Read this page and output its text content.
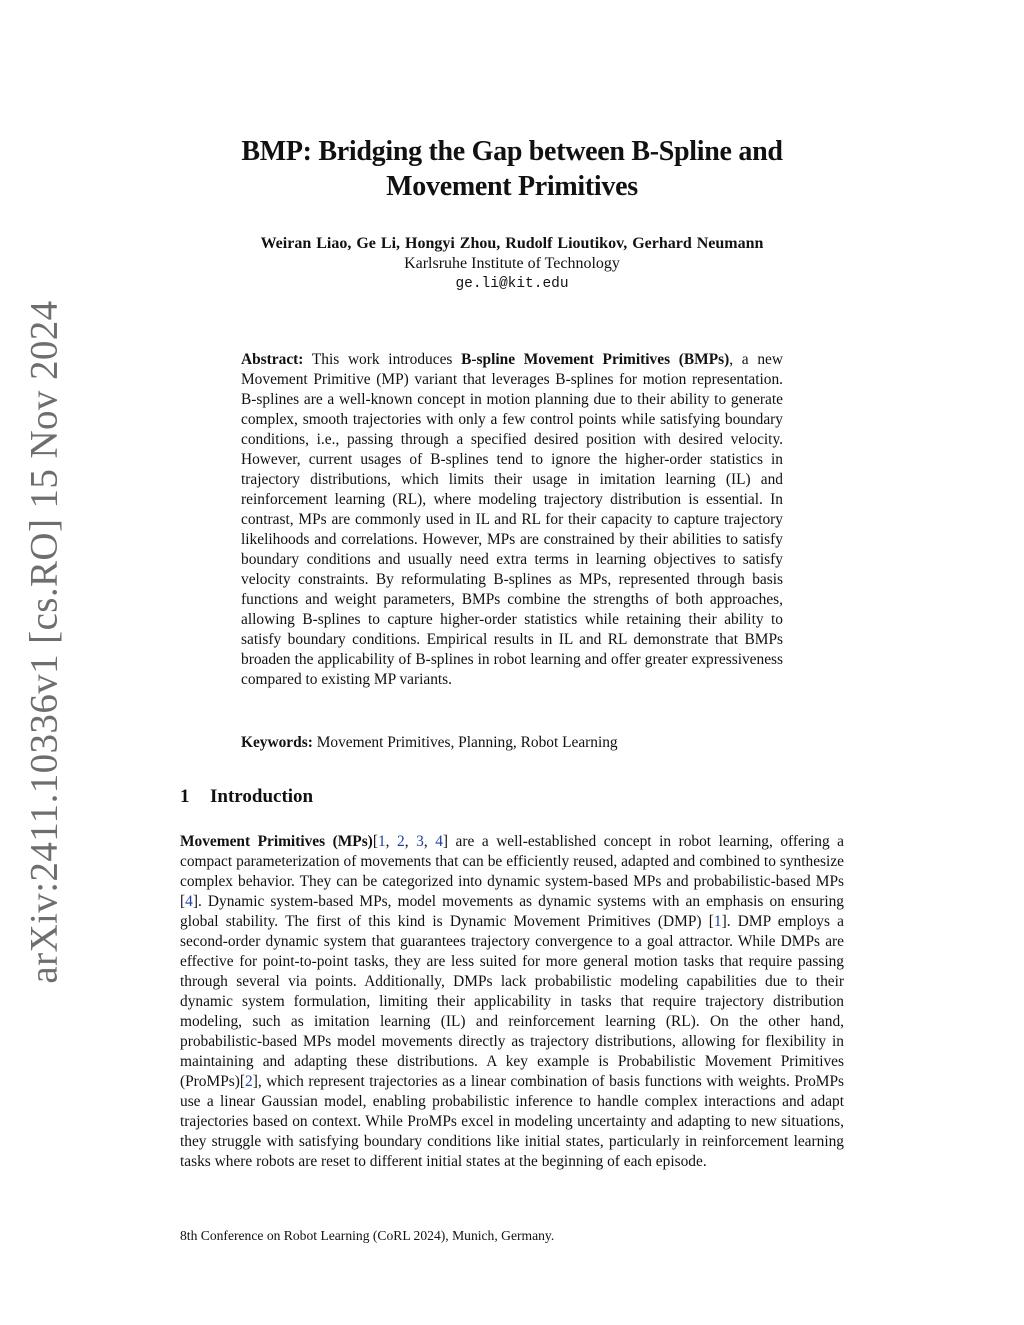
arXiv:2411.10336v1 [cs.RO] 15 Nov 2024
BMP: Bridging the Gap between B-Spline and
Movement Primitives
Weiran Liao, Ge Li, Hongyi Zhou, Rudolf Lioutikov, Gerhard Neumann
Karlsruhe Institute of Technology
ge.li@kit.edu

Abstract: This work introduces B-spline Movement Primitives (BMPs), a new Movement Primitive (MP) variant that leverages B-splines for motion representation. B-splines are a well-known concept in motion planning due to their ability to generate complex, smooth trajectories with only a few control points while satisfying boundary conditions, i.e., passing through a specified desired position with desired velocity. However, current usages of B-splines tend to ignore the higher-order statistics in trajectory distributions, which limits their usage in imitation learning (IL) and reinforcement learning (RL), where modeling trajectory distribution is essential. In contrast, MPs are commonly used in IL and RL for their capacity to capture trajectory likelihoods and correlations. However, MPs are constrained by their abilities to satisfy boundary conditions and usually need extra terms in learning objectives to satisfy velocity constraints. By reformulating B-splines as MPs, represented through basis functions and weight parameters, BMPs combine the strengths of both approaches, allowing B-splines to capture higher-order statistics while retaining their ability to satisfy boundary conditions. Empirical results in IL and RL demonstrate that BMPs broaden the applicability of B-splines in robot learning and offer greater expressiveness compared to existing MP variants.

Keywords: Movement Primitives, Planning, Robot Learning

1 Introduction

Movement Primitives (MPs)[1, 2, 3, 4] are a well-established concept in robot learning, offering a compact parameterization of movements that can be efficiently reused, adapted and combined to synthesize complex behavior. They can be categorized into dynamic system-based MPs and probabilistic-based MPs [4]. Dynamic system-based MPs, model movements as dynamic systems with an emphasis on ensuring global stability. The first of this kind is Dynamic Movement Primitives (DMP) [1]. DMP employs a second-order dynamic system that guarantees trajectory convergence to a goal attractor. While DMPs are effective for point-to-point tasks, they are less suited for more general motion tasks that require passing through several via points. Additionally, DMPs lack probabilistic modeling capabilities due to their dynamic system formulation, limiting their applicability in tasks that require trajectory distribution modeling, such as imitation learning (IL) and reinforcement learning (RL). On the other hand, probabilistic-based MPs model movements directly as trajectory distributions, allowing for flexibility in maintaining and adapting these distributions. A key example is Probabilistic Movement Primitives (ProMPs)[2], which represent trajectories as a linear combination of basis functions with weights. ProMPs use a linear Gaussian model, enabling probabilistic inference to handle complex interactions and adapt trajectories based on context. While ProMPs excel in modeling uncertainty and adapting to new situations, they struggle with satisfying boundary conditions like initial states, particularly in reinforcement learning tasks where robots are reset to different initial states at the beginning of each episode.

8th Conference on Robot Learning (CoRL 2024), Munich, Germany.
